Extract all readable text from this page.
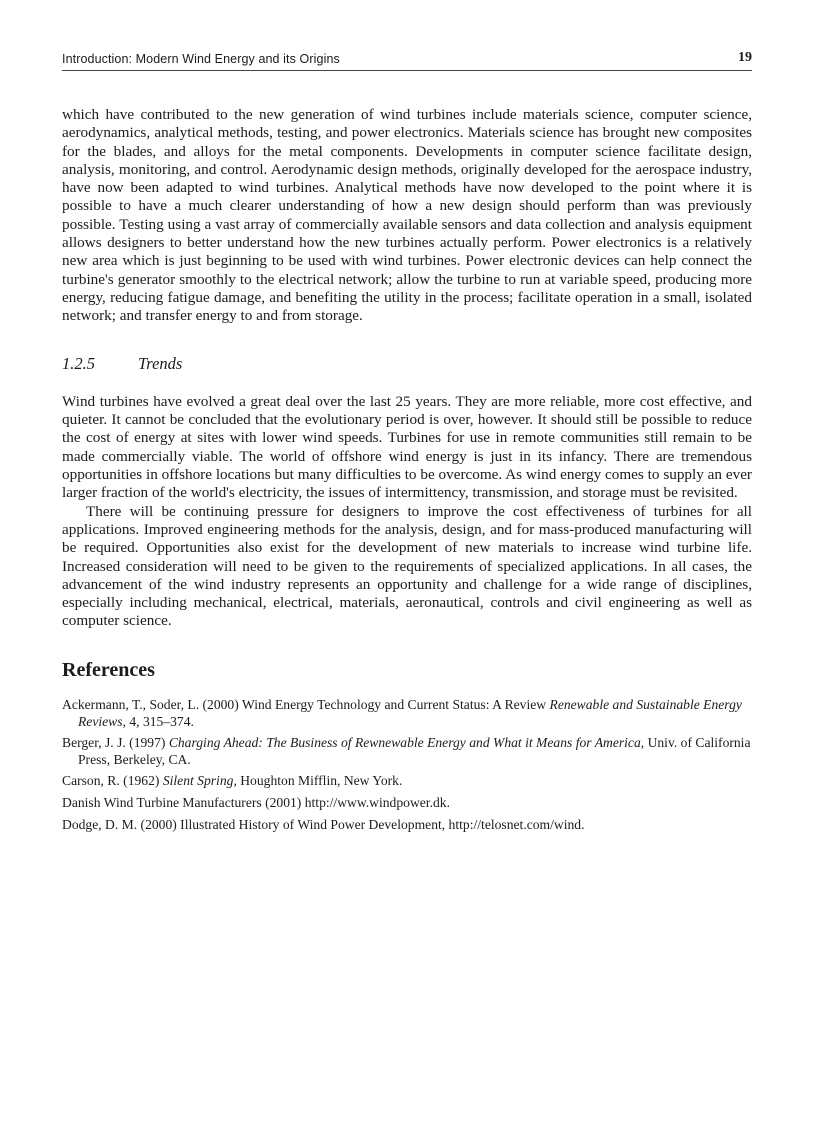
Introduction: Modern Wind Energy and its Origins	19

which have contributed to the new generation of wind turbines include materials science, computer science, aerodynamics, analytical methods, testing, and power electronics. Materials science has brought new composites for the blades, and alloys for the metal components. Developments in computer science facilitate design, analysis, monitoring, and control. Aerodynamic design methods, originally developed for the aerospace industry, have now been adapted to wind turbines. Analytical methods have now developed to the point where it is possible to have a much clearer understanding of how a new design should perform than was previously possible. Testing using a vast array of commercially available sensors and data collection and analysis equipment allows designers to better understand how the new turbines actually perform. Power electronics is a relatively new area which is just beginning to be used with wind turbines. Power electronic devices can help connect the turbine's generator smoothly to the electrical network; allow the turbine to run at variable speed, producing more energy, reducing fatigue damage, and benefiting the utility in the process; facilitate operation in a small, isolated network; and transfer energy to and from storage.

1.2.5	Trends

Wind turbines have evolved a great deal over the last 25 years. They are more reliable, more cost effective, and quieter. It cannot be concluded that the evolutionary period is over, however. It should still be possible to reduce the cost of energy at sites with lower wind speeds. Turbines for use in remote communities still remain to be made commercially viable. The world of offshore wind energy is just in its infancy. There are tremendous opportunities in offshore locations but many difficulties to be overcome. As wind energy comes to supply an ever larger fraction of the world's electricity, the issues of intermittency, transmission, and storage must be revisited.

There will be continuing pressure for designers to improve the cost effectiveness of turbines for all applications. Improved engineering methods for the analysis, design, and for mass-produced manufacturing will be required. Opportunities also exist for the development of new materials to increase wind turbine life. Increased consideration will need to be given to the requirements of specialized applications. In all cases, the advancement of the wind industry represents an opportunity and challenge for a wide range of disciplines, especially including mechanical, electrical, materials, aeronautical, controls and civil engineering as well as computer science.

References
Ackermann, T., Soder, L. (2000) Wind Energy Technology and Current Status: A Review Renewable and Sustainable Energy Reviews, 4, 315–374.
Berger, J. J. (1997) Charging Ahead: The Business of Rewnewable Energy and What it Means for America, Univ. of California Press, Berkeley, CA.
Carson, R. (1962) Silent Spring, Houghton Mifflin, New York.
Danish Wind Turbine Manufacturers (2001) http://www.windpower.dk.
Dodge, D. M. (2000) Illustrated History of Wind Power Development, http://telosnet.com/wind.
